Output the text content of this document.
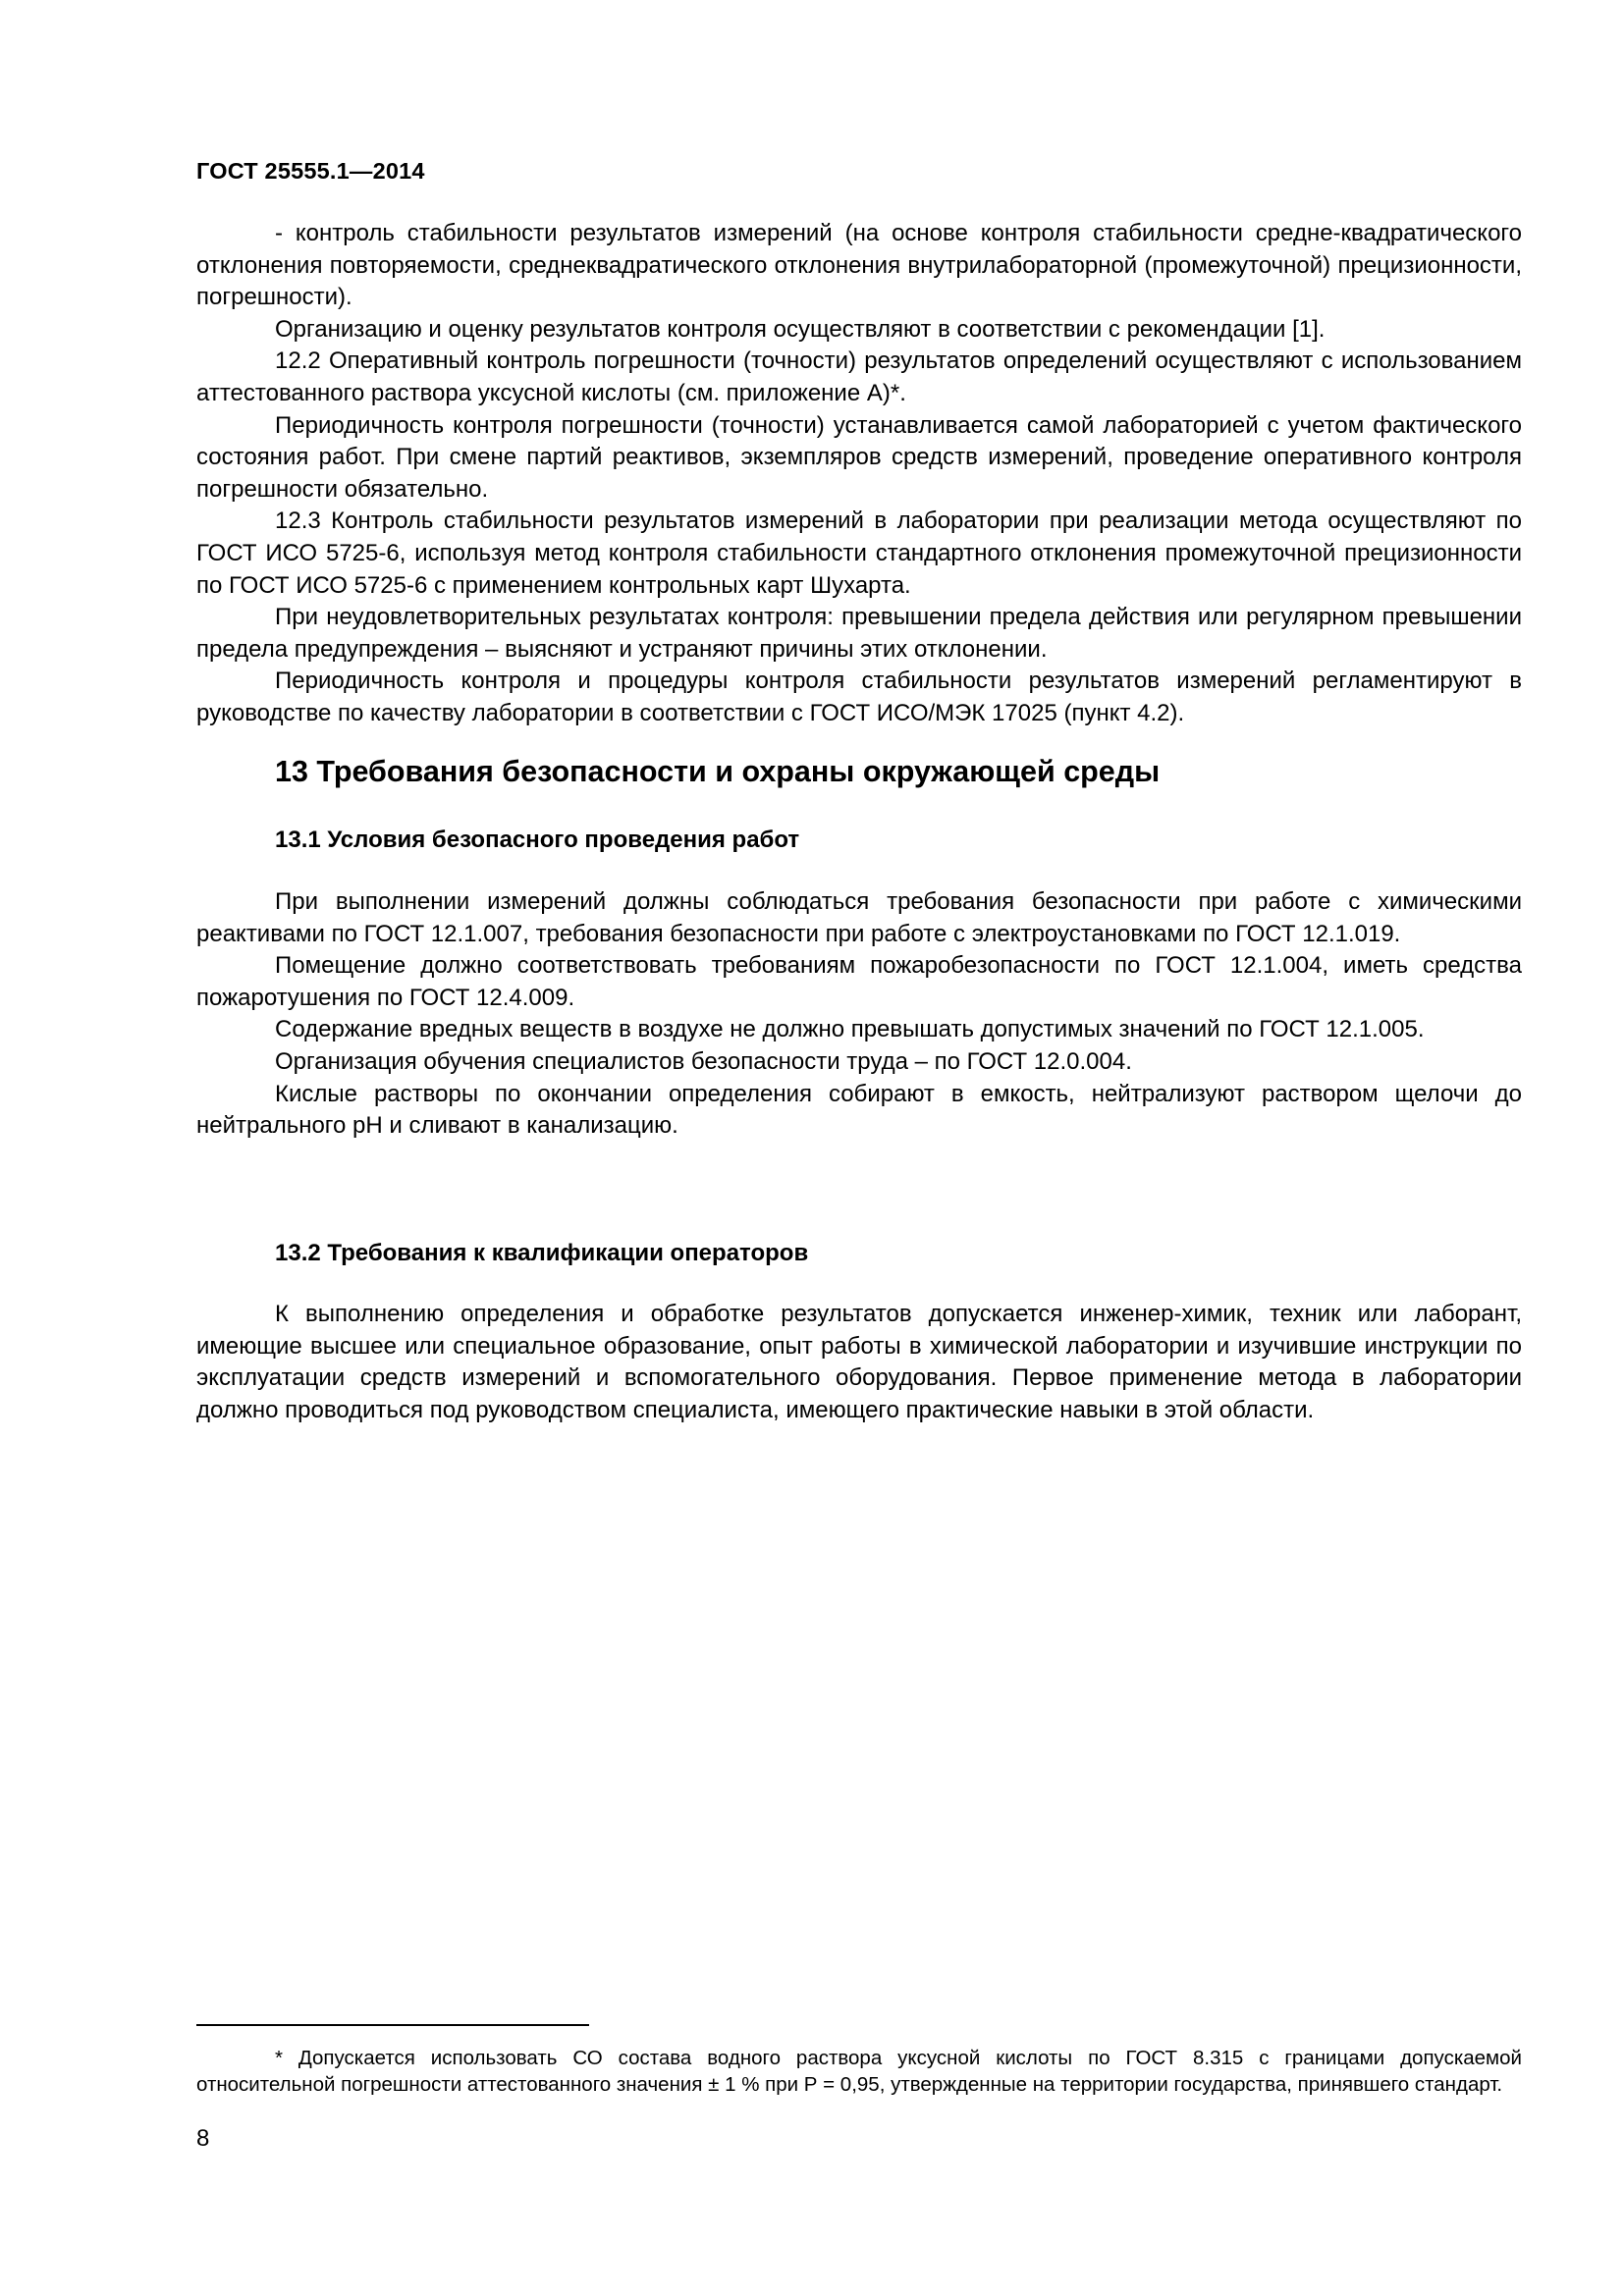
ГОСТ 25555.1—2014

- контроль стабильности результатов измерений (на основе контроля стабильности средне-квадратического отклонения повторяемости, среднеквадратического отклонения внутрилабораторной (промежуточной) прецизионности, погрешности).

Организацию и оценку результатов контроля осуществляют в соответствии с рекомендации [1].

12.2 Оперативный контроль погрешности (точности) результатов определений осуществляют с использованием аттестованного раствора уксусной кислоты (см. приложение А)*.

Периодичность контроля погрешности (точности) устанавливается самой лабораторией с учетом фактического состояния работ. При смене партий реактивов, экземпляров средств измерений, проведение оперативного контроля погрешности обязательно.

12.3 Контроль стабильности результатов измерений в лаборатории при реализации метода осуществляют по ГОСТ ИСО 5725-6, используя метод контроля стабильности стандартного отклонения промежуточной прецизионности по ГОСТ ИСО 5725-6 с применением контрольных карт Шухарта.

При неудовлетворительных результатах контроля: превышении предела действия или регулярном превышении предела предупреждения – выясняют и устраняют причины этих отклонении.

Периодичность контроля и процедуры контроля стабильности результатов измерений регламентируют в руководстве по качеству лаборатории в соответствии с ГОСТ ИСО/МЭК 17025 (пункт 4.2).

13 Требования безопасности и охраны окружающей среды
13.1 Условия безопасного проведения работ

При выполнении измерений должны соблюдаться требования безопасности при работе с химическими реактивами по ГОСТ 12.1.007, требования безопасности при работе с электроустановками по ГОСТ 12.1.019.

Помещение должно соответствовать требованиям пожаробезопасности по ГОСТ 12.1.004, иметь средства пожаротушения по ГОСТ 12.4.009.

Содержание вредных веществ в воздухе не должно превышать допустимых значений по ГОСТ 12.1.005.

Организация обучения специалистов безопасности труда – по ГОСТ 12.0.004.

Кислые растворы по окончании определения собирают в емкость, нейтрализуют раствором щелочи до нейтрального рН и сливают в канализацию.

13.2 Требования к квалификации операторов

К выполнению определения и обработке результатов допускается инженер-химик, техник или лаборант, имеющие высшее или специальное образование, опыт работы в химической лаборатории и изучившие инструкции по эксплуатации средств измерений и вспомогательного оборудования. Первое применение метода в лаборатории должно проводиться под руководством специалиста, имеющего практические навыки в этой области.

* Допускается использовать СО состава водного раствора уксусной кислоты по ГОСТ 8.315 с границами допускаемой относительной погрешности аттестованного значения ± 1 % при Р = 0,95, утвержденные на территории государства, принявшего стандарт.

8
